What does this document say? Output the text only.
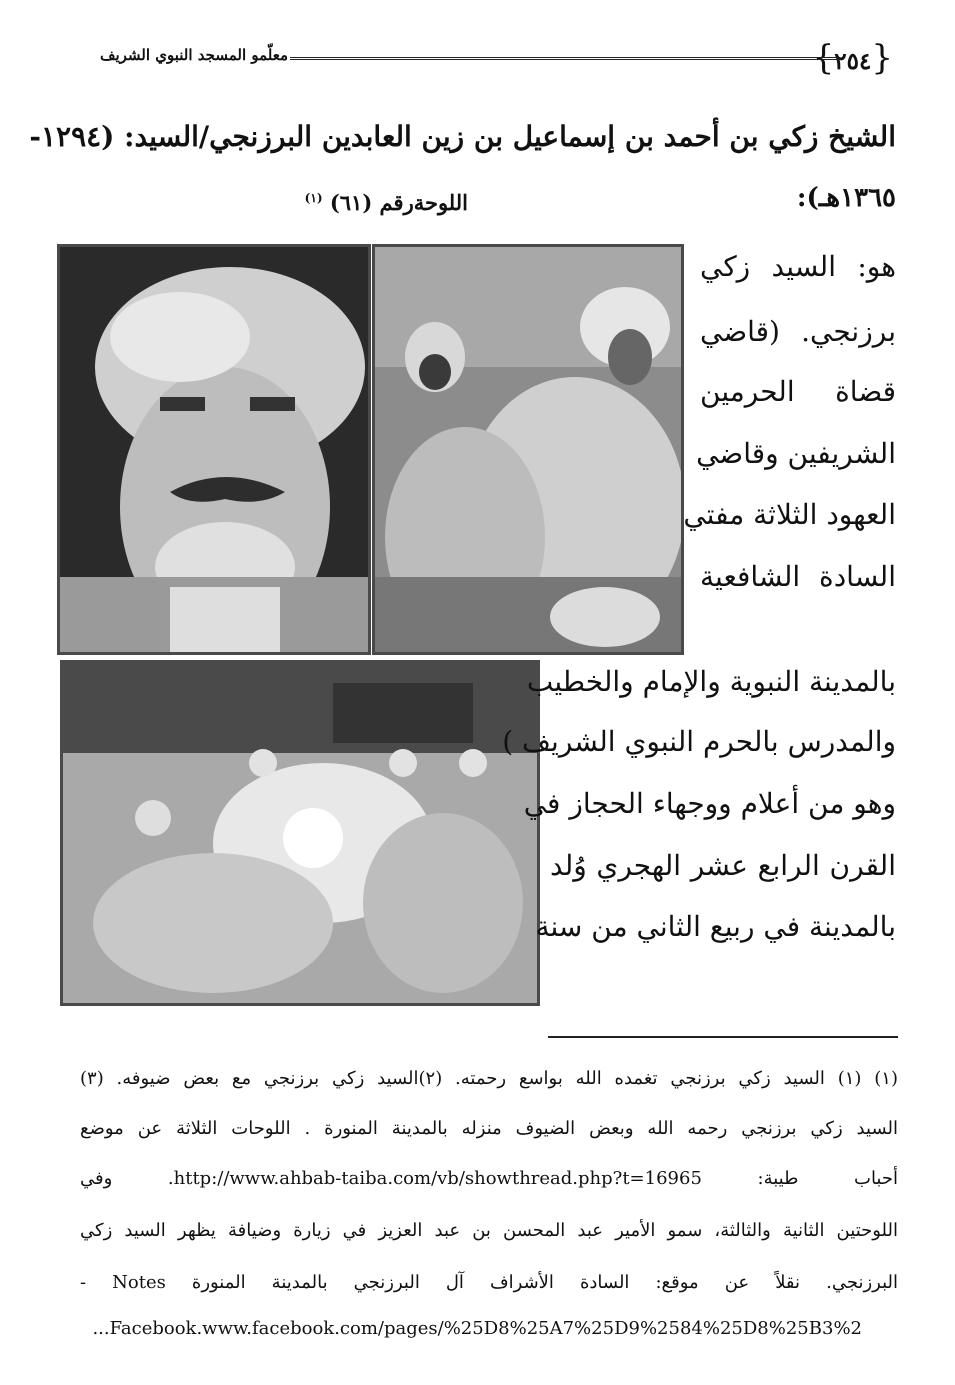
{٢٥٤}
معلّمو المسجد النبوي الشريف
الشيخ زكي بن أحمد بن إسماعيل بن زين العابدين البرزنجي/السيد: (١٢٩٤-
١٣٦٥هـ):
اللوحةرقم (٦١) $^{(١)}$
هو: السيد زكي
برزنجي. (قاضي
قضاة الحرمين
الشريفين وقاضي
العهود الثلاثة مفتي
السادة الشافعية
بالمدينة النبوية والإمام والخطيب
والمدرس بالحرم النبوي الشريف )
وهو من أعلام ووجهاء الحجاز في
القرن الرابع عشر الهجري وُلد
بالمدينة في ربيع الثاني من سنة
(١) (١) السيد زكي برزنجي تغمده الله بواسع رحمته. (٢)السيد زكي برزنجي مع بعض ضيوفه. (٣)
السيد زكي برزنجي رحمه الله وبعض الضيوف منزله بالمدينة المنورة . اللوحات الثلاثة عن موضع
أحباب طيبة: http://www.ahbab-taiba.com/vb/showthread.php?t=16965. وفي
اللوحتين الثانية والثالثة، سمو الأمير عبد المحسن بن عبد العزيز في زيارة وضيافة يظهر السيد زكي
البرزنجي. نقلاً عن موقع: السادة الأشراف آل البرزنجي بالمدينة المنورة Notes -
Facebook.www.facebook.com/pages/%25D8%25A7%25D9%2584%25D8%25B3%2...
